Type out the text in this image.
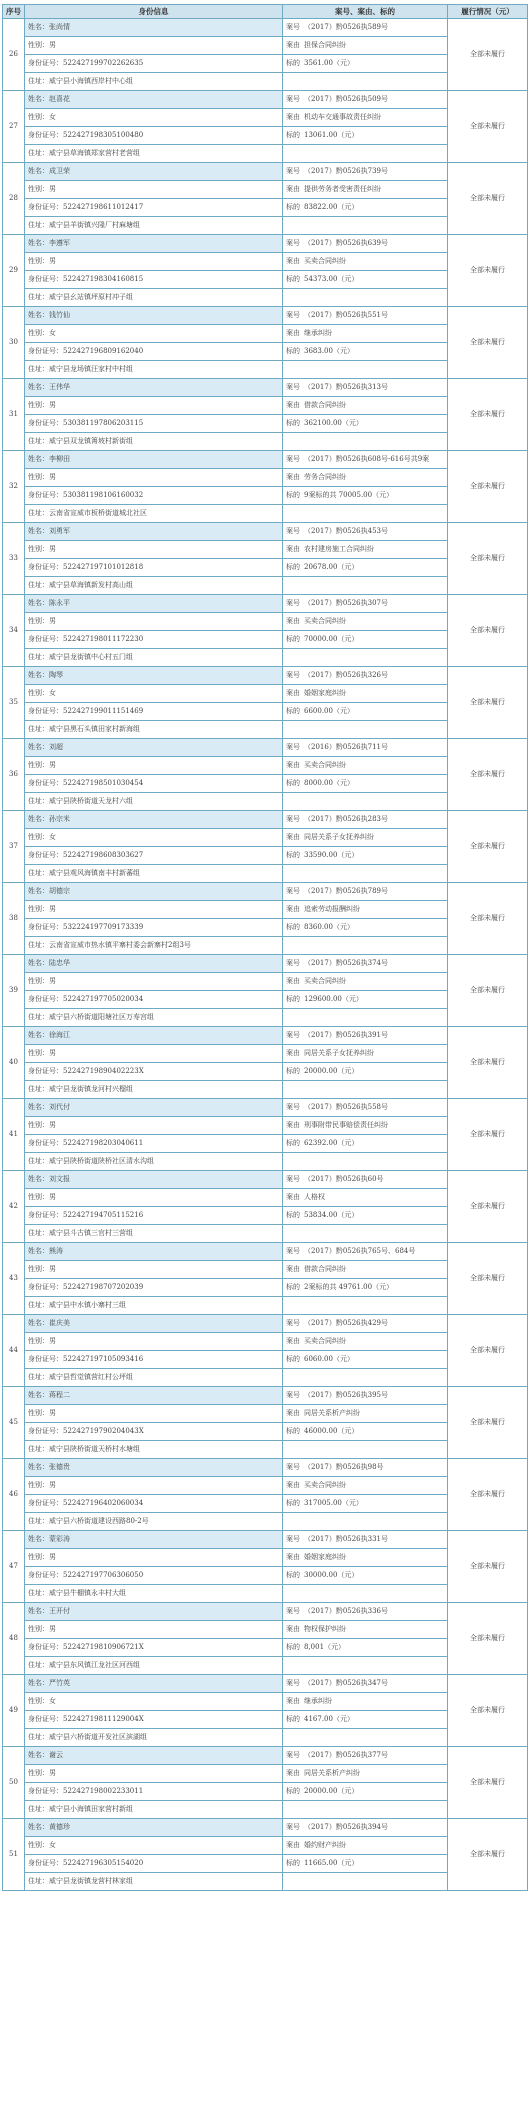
序号	身份信息	案号、案由、标的	履行情况（元）
26	姓名：张尚情	案号 （2017）黔0526执589号	全部未履行
	性别：男	案由 担保合同纠纷	
	身份证号：522427199702262635	标的 3561.00（元）	
	住址：威宁县小海镇西岸村中心组		
27	姓名：赵喜花	案号 （2017）黔0526执509号	全部未履行
	性别：女	案由 机动车交通事故责任纠纷	
	身份证号：522427198305100480	标的 13061.00（元）	
	住址：威宁县草海镇郑家营村老营组		
28	姓名：成卫荣	案号 （2017）黔0526执739号	全部未履行
	性别：男	案由 提供劳务者受害责任纠纷	
	身份证号：522427198611012417	标的 83822.00（元）	
	住址：威宁县羊街镇兴隆厂村麻塘组		
29	姓名：李遵军	案号 （2017）黔0526执639号	全部未履行
	性别：男	案由 买卖合同纠纷	
	身份证号：522427198304160815	标的 54373.00（元）	
	住址：威宁县幺站镇坪原村冲子组		
30	姓名：钱竹仙	案号 （2017）黔0526执551号	全部未履行
	性别：女	案由 继承纠纷	
	身份证号：522427196809162040	标的 3683.00（元）	
	住址：威宁县龙场镇汪家村中村组		
31	姓名：王伟华	案号 （2017）黔0526执313号	全部未履行
	性别：男	案由 借款合同纠纷	
	身份证号：530381197806203115	标的 362100.00（元）	
	住址：威宁县双龙镇箐坡村新街组		
32	姓名：李柳田	案号 （2017）黔0526执608号-616号共9案	全部未履行
	性别：男	案由 劳务合同纠纷	
	身份证号：530381198106160032	标的 9案标的共 70005.00（元）	
	住址：云南省宣威市板桥街道城北社区		
33	姓名：刘勇军	案号 （2017）黔0526执453号	全部未履行
	性别：男	案由 农村建房施工合同纠纷	
	身份证号：522427197101012818	标的 20678.00（元）	
	住址：威宁县草海镇新发村高山组		
34	姓名：陈永平	案号 （2017）黔0526执307号	全部未履行
	性别：男	案由 买卖合同纠纷	
	身份证号：522427198011172230	标的 70000.00（元）	
	住址：威宁县龙街镇中心村五门组		
35	姓名：陶琴	案号 （2017）黔0526执326号	全部未履行
	性别：女	案由 婚姻家庭纠纷	
	身份证号：522427199011151469	标的 6600.00（元）	
	住址：威宁县黑石头镇田家村新海组		
36	姓名：刘超	案号 （2016）黔0526执711号	全部未履行
	性别：男	案由 买卖合同纠纷	
	身份证号：522427198501030454	标的 8000.00（元）	
	住址：威宁县陕桥街道天龙村六组		
37	姓名：孙宗米	案号 （2017）黔0526执283号	全部未履行
	性别：女	案由 同居关系子女抚养纠纷	
	身份证号：522427198608303627	标的 33590.00（元）	
	住址：威宁县观风海镇南丰村新蕃组		
38	姓名：胡德宗	案号 （2017）黔0526执789号	全部未履行
	性别：男	案由 追索劳动报酬纠纷	
	身份证号：532224197709173339	标的 8360.00（元）	
	住址：云南省宣威市热水镇平寨村委会新寨村2组3号		
39	姓名：陆忠华	案号 （2017）黔0526执374号	全部未履行
	性别：男	案由 买卖合同纠纷	
	身份证号：522427197705020034	标的 129600.00（元）	
	住址：威宁县六桥街道阳塘社区万寿宫组		
40	姓名：徐海江	案号 （2017）黔0526执391号	全部未履行
	性别：男	案由 同居关系子女抚养纠纷	
	身份证号：52242719890402223X	标的 20000.00（元）	
	住址：威宁县龙街镇龙河村兴榴组		
41	姓名：刘代付	案号 （2017）黔0526执558号	全部未履行
	性别：男	案由 刑事附带民事赔偿责任纠纷	
	身份证号：522427198203040611	标的 62392.00（元）	
	住址：威宁县陕桥街道陕桥社区清水沟组		
42	姓名：刘文报	案号 （2017）黔0526执60号	全部未履行
	性别：男	案由 人格权	
	身份证号：522427194705115216	标的 53834.00（元）	
	住址：威宁县斗古镇三官村三营组		
43	姓名：熊涛	案号 （2017）黔0526执765号、684号	全部未履行
	性别：男	案由 借款合同纠纷	
	身份证号：522427198707202039	标的 2案标的共 49761.00（元）	
	住址：威宁县中水镇小寨村三组		
44	姓名：崔庆美	案号 （2017）黔0526执429号	全部未履行
	性别：男	案由 买卖合同纠纷	
	身份证号：522427197105093416	标的 6060.00（元）	
	住址：威宁县哲觉镇营红村公坪组		
45	姓名：蒋程二	案号 （2017）黔0526执395号	全部未履行
	性别：男	案由 同居关系析产纠纷	
	身份证号：52242719790204043X	标的 46000.00（元）	
	住址：威宁县陕桥街道天桥村水塘组		
46	姓名：张德贵	案号 （2017）黔0526执98号	全部未履行
	性别：男	案由 买卖合同纠纷	
	身份证号：522427196402060034	标的 317005.00（元）	
	住址：威宁县六桥街道建设西路80-2号		
47	姓名：蒙彩涛	案号 （2017）黔0526执331号	全部未履行
	性别：男	案由 婚姻家庭纠纷	
	身份证号：522427197706306050	标的 30000.00（元）	
	住址：威宁县牛棚镇永丰村大组		
48	姓名：王开付	案号 （2017）黔0526执336号	全部未履行
	性别：男	案由 物权保护纠纷	
	身份证号：52242719810906721X	标的 8,001（元）	
	住址：威宁县东风镇江龙社区河西组		
49	姓名：严竹英	案号 （2017）黔0526执347号	全部未履行
	性别：女	案由 继承纠纷	
	身份证号：52242719811129004X	标的 4167.00（元）	
	住址：威宁县六桥街道开发社区滨湖组		
50	姓名：谢云	案号 （2017）黔0526执377号	全部未履行
	性别：男	案由 同居关系析产纠纷	
	身份证号：522427198002233011	标的 20000.00（元）	
	住址：威宁县小海镇田家营村新组		
51	姓名：黄德珍	案号 （2017）黔0526执394号	全部未履行
	性别：女	案由 婚约财产纠纷	
	身份证号：522427196305154020	标的 11665.00（元）	
	住址：威宁县龙街镇龙营村林家组		
